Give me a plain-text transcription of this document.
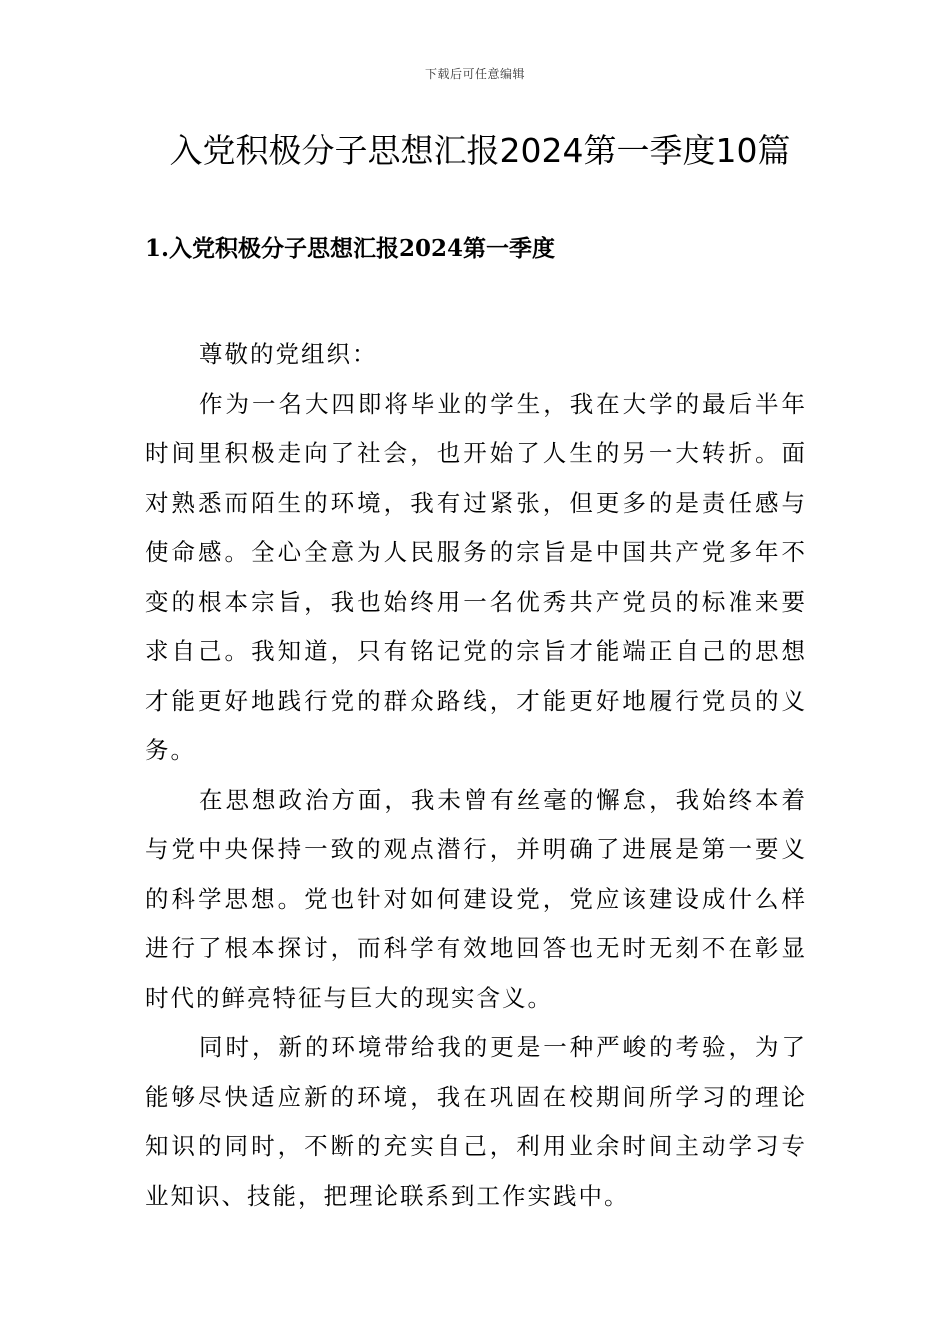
下载后可任意编辑
入党积极分子思想汇报2024第一季度10篇
1.入党积极分子思想汇报2024第一季度

尊敬的党组织：

作为一名大四即将毕业的学生，我在大学的最后半年时间里积极走向了社会，也开始了人生的另一大转折。面对熟悉而陌生的环境，我有过紧张，但更多的是责任感与使命感。全心全意为人民服务的宗旨是中国共产党多年不变的根本宗旨，我也始终用一名优秀共产党员的标准来要求自己。我知道，只有铭记党的宗旨才能端正自己的思想才能更好地践行党的群众路线，才能更好地履行党员的义务。

在思想政治方面，我未曾有丝毫的懈怠，我始终本着与党中央保持一致的观点潜行，并明确了进展是第一要义的科学思想。党也针对如何建设党，党应该建设成什么样进行了根本探讨，而科学有效地回答也无时无刻不在彰显时代的鲜亮特征与巨大的现实含义。

同时，新的环境带给我的更是一种严峻的考验，为了能够尽快适应新的环境，我在巩固在校期间所学习的理论知识的同时，不断的充实自己，利用业余时间主动学习专业知识、技能，把理论联系到工作实践中。
